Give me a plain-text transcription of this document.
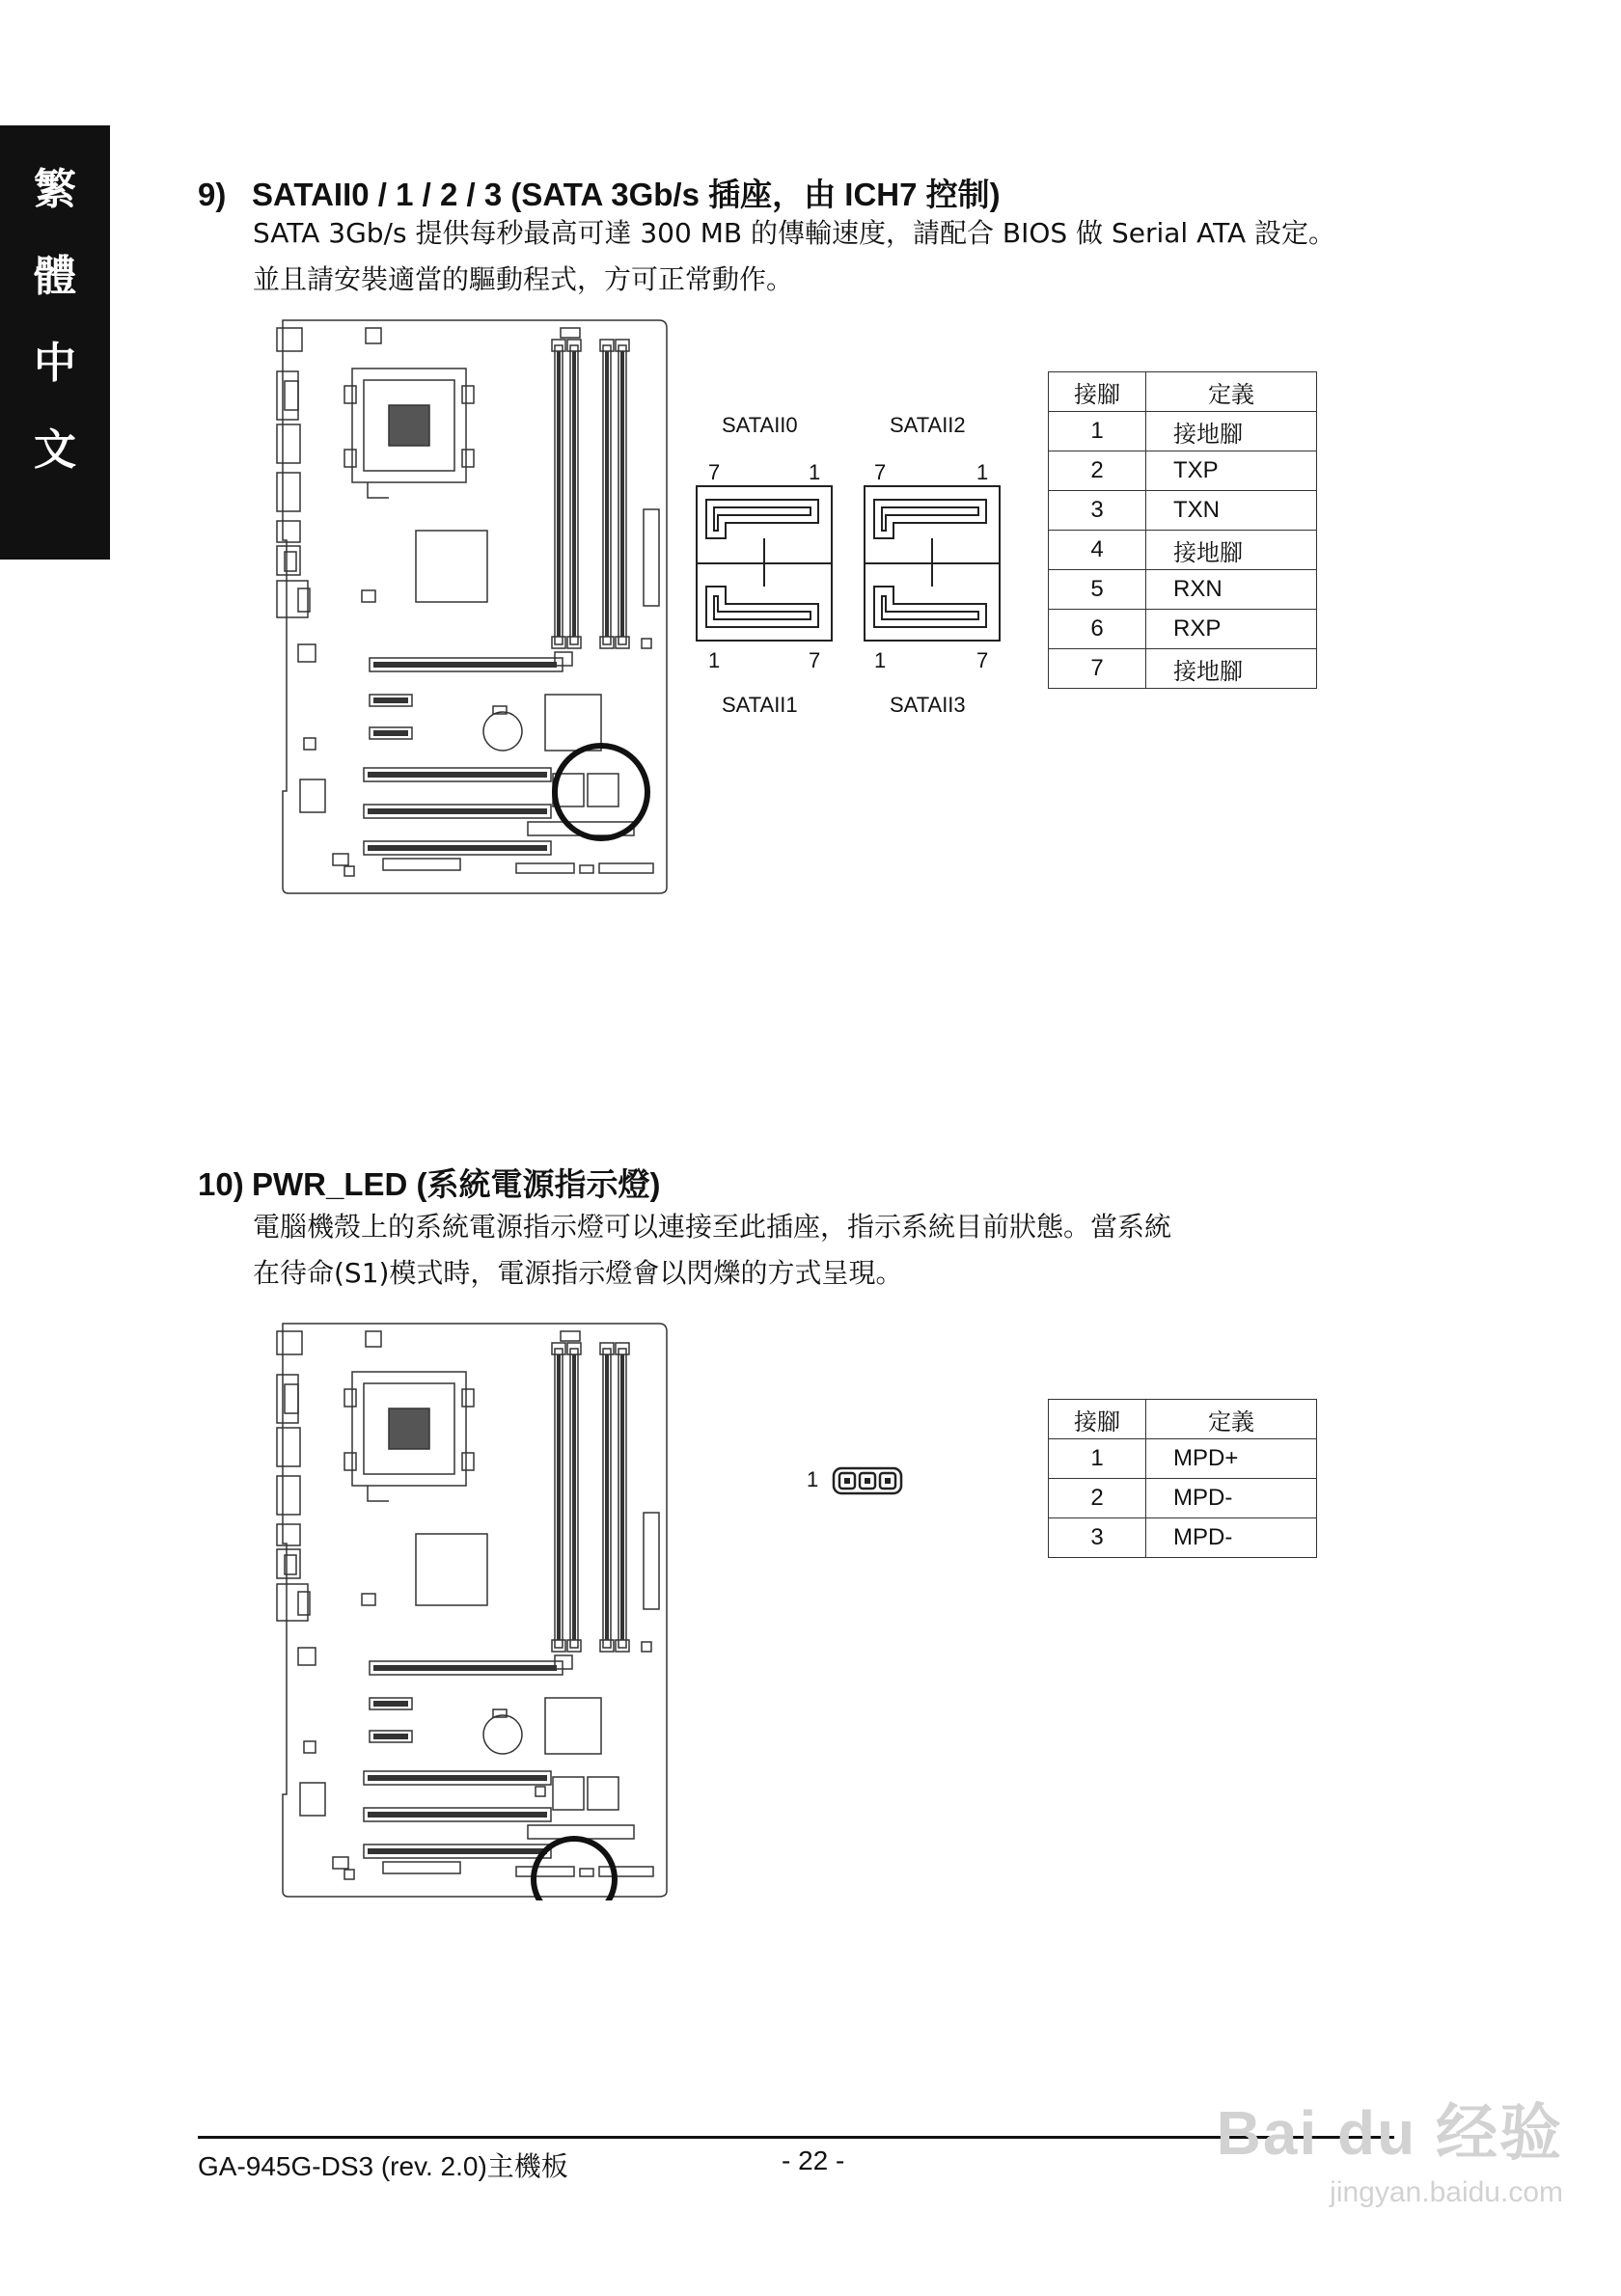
繁
體
中
文
9) SATAII0 / 1 / 2 / 3 (SATA 3Gb/s 插座，由 ICH7 控制)
SATA 3Gb/s 提供每秒最高可達 300 MB 的傳輸速度，請配合 BIOS 做 Serial ATA 設定。
並且請安裝適當的驅動程式，方可正常動作。
SATAII0	SATAII2
7	1	7	1
1	7	1	7
SATAII1	SATAII3
接腳	定義
1	接地腳
2	TXP
3	TXN
4	接地腳
5	RXN
6	RXP
7	接地腳
10) PWR_LED (系統電源指示燈)
電腦機殼上的系統電源指示燈可以連接至此插座，指示系統目前狀態。當系統
在待命(S1)模式時，電源指示燈會以閃爍的方式呈現。
1
接腳	定義
1	MPD+
2	MPD-
3	MPD-
GA-945G-DS3 (rev. 2.0)主機板	- 22 -	Bai du 经验
jingyan.baidu.com
